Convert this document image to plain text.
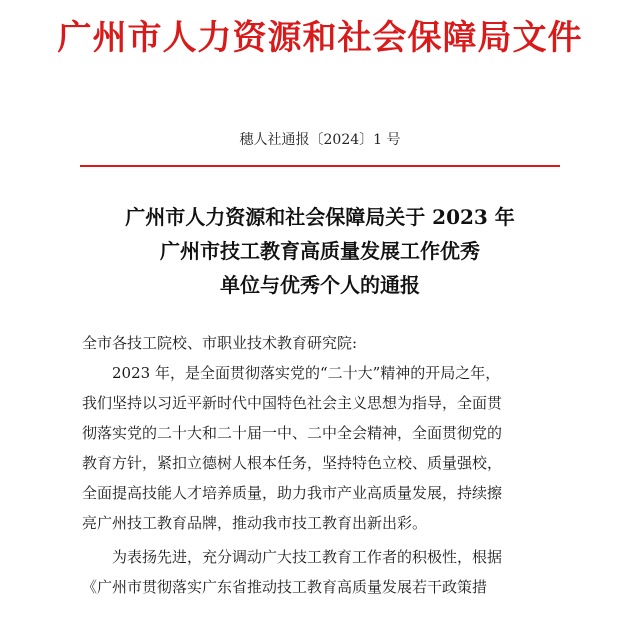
广州市人力资源和社会保障局文件
穗人社通报〔2024〕1 号
广州市人力资源和社会保障局关于 2023 年
广州市技工教育高质量发展工作优秀
单位与优秀个人的通报

全市各技工院校、市职业技术教育研究院:

2023 年，是全面贯彻落实党的“二十大”精神的开局之年，

我们坚持以习近平新时代中国特色社会主义思想为指导，全面贯

彻落实党的二十大和二十届一中、二中全会精神，全面贯彻党的

教育方针，紧扣立德树人根本任务，坚持特色立校、质量强校，

全面提高技能人才培养质量，助力我市产业高质量发展，持续擦

亮广州技工教育品牌，推动我市技工教育出新出彩。

为表扬先进，充分调动广大技工教育工作者的积极性，根据

《广州市贯彻落实广东省推动技工教育高质量发展若干政策措
